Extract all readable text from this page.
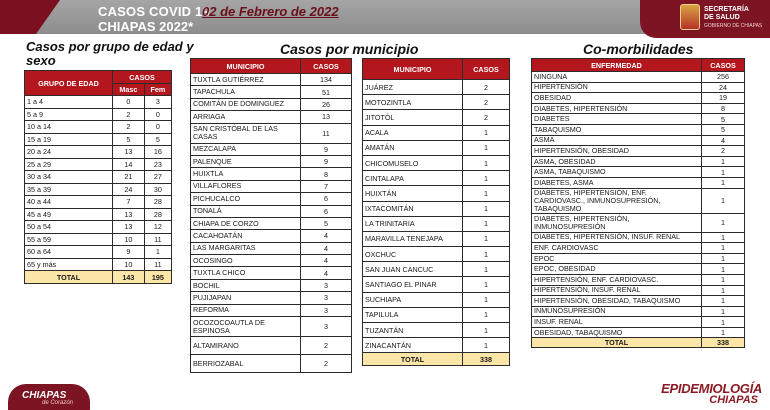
CASOS COVID 19
02 de Febrero de 2022
CHIAPAS 2022*
SECRETARÍA
DE SALUD
GOBIERNO DE CHIAPAS
Casos por grupo de edad y
sexo
Casos por municipio	Co-morbilidades
GRUPO DE EDAD	CASOS	
	Masc	Fem
1 a 4	0	3
5 a 9	2	0
10 a 14	2	0
15 a 19	5	5
20 a 24	13	16
25 a 29	14	23
30 a 34	21	27
35 a 39	24	30
40 a 44	7	28
45 a 49	13	28
50 a 54	13	12
55 a 59	10	11
60 a 64	9	1
65 y más	10	11
TOTAL	143	195
MUNICIPIO	CASOS
TUXTLA GUTIÉRREZ	134
TAPACHULA	51
COMITÁN DE DOMINGUEZ	26
ARRIAGA	13
SAN CRISTÓBAL DE LAS CASAS	11
MEZCALAPA	9
PALENQUE	9
HUIXTLA	8
VILLAFLORES	7
PICHUCALCO	6
TONALÁ	6
CHIAPA DE CORZO	5
CACAHOATÁN	4
LAS MARGARITAS	4
OCOSINGO	4
TUXTLA CHICO	4
BOCHIL	3
PUJIJAPAN	3
REFORMA	3
OCOZOCOAUTLA DE ESPINOSA	3
ALTAMIRANO	2
BERRIOZABAL	2
MUNICIPIO	CASOS
JUÁREZ	2
MOTOZINTLA	2
JITOTÓL	2
ACALA	1
AMATÁN	1
CHICOMUSELO	1
CINTALAPA	1
HUIXTÁN	1
IXTACOMITÁN	1
LA TRINITARIA	1
MARAVILLA TENEJAPA	1
OXCHUC	1
SAN JUAN CANCUC	1
SANTIAGO EL PINAR	1
SUCHIAPA	1
TAPILULA	1
TUZANTÁN	1
ZINACANTÁN	1
TOTAL	338
ENFERMEDAD	CASOS
NINGUNA	256
HIPERTENSIÓN	24
OBESIDAD	19
DIABETES, HIPERTENSIÓN	8
DIABETES	5
TABAQUISMO	5
ASMA	4
HIPERTENSIÓN, OBESIDAD	2
ASMA, OBESIDAD	1
ASMA, TABAQUISMO	1
DIABETES, ASMA	1
DIABETES, HIPERTENSIÓN, ENF. CARDIOVASC., INMUNOSUPRESIÓN, TABAQUISMO	1
DIABETES, HIPERTENSIÓN, INMUNOSUPRESIÓN	1
DIABETES, HIPERTENSIÓN, INSUF. RENAL	1
ENF. CARDIOVASC	1
EPOC	1
EPOC, OBESIDAD	1
HIPERTENSIÓN, ENF. CARDIOVASC.	1
HIPERTENSIÓN, INSUF. RENAL	1
HIPERTENSIÓN, OBESIDAD, TABAQUISMO	1
INMUNOSUPRESIÓN	1
INSUF. RENAL	1
OBESIDAD, TABAQUISMO	1
TOTAL	338
CHIAPAS
de Corazón
EPIDEMIOLOGÍA
CHIAPAS
